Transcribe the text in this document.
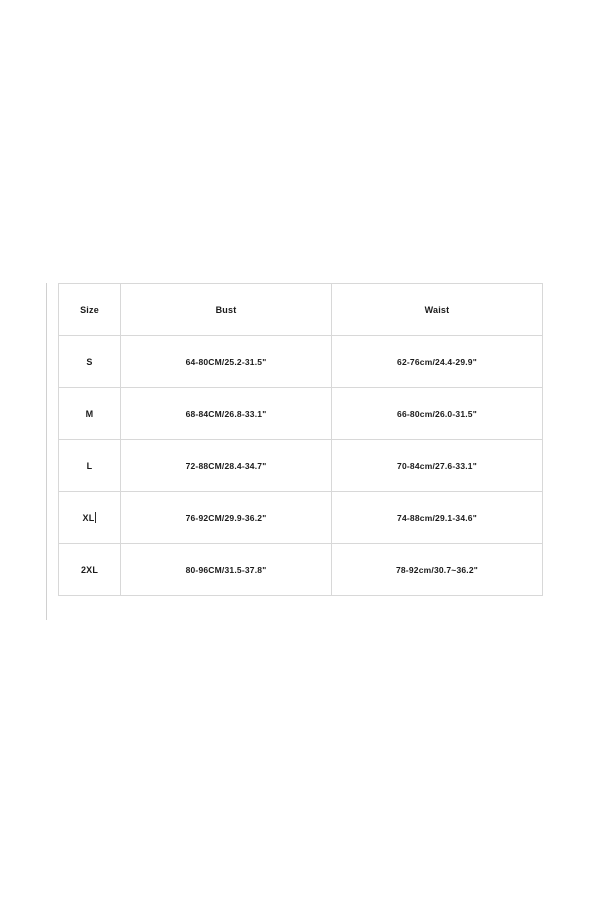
Size	Bust	Waist
S	64-80CM/25.2-31.5"	62-76cm/24.4-29.9"
M	68-84CM/26.8-33.1"	66-80cm/26.0-31.5"
L	72-88CM/28.4-34.7"	70-84cm/27.6-33.1"
XL	76-92CM/29.9-36.2"	74-88cm/29.1-34.6"
2XL	80-96CM/31.5-37.8"	78-92cm/30.7~36.2"
